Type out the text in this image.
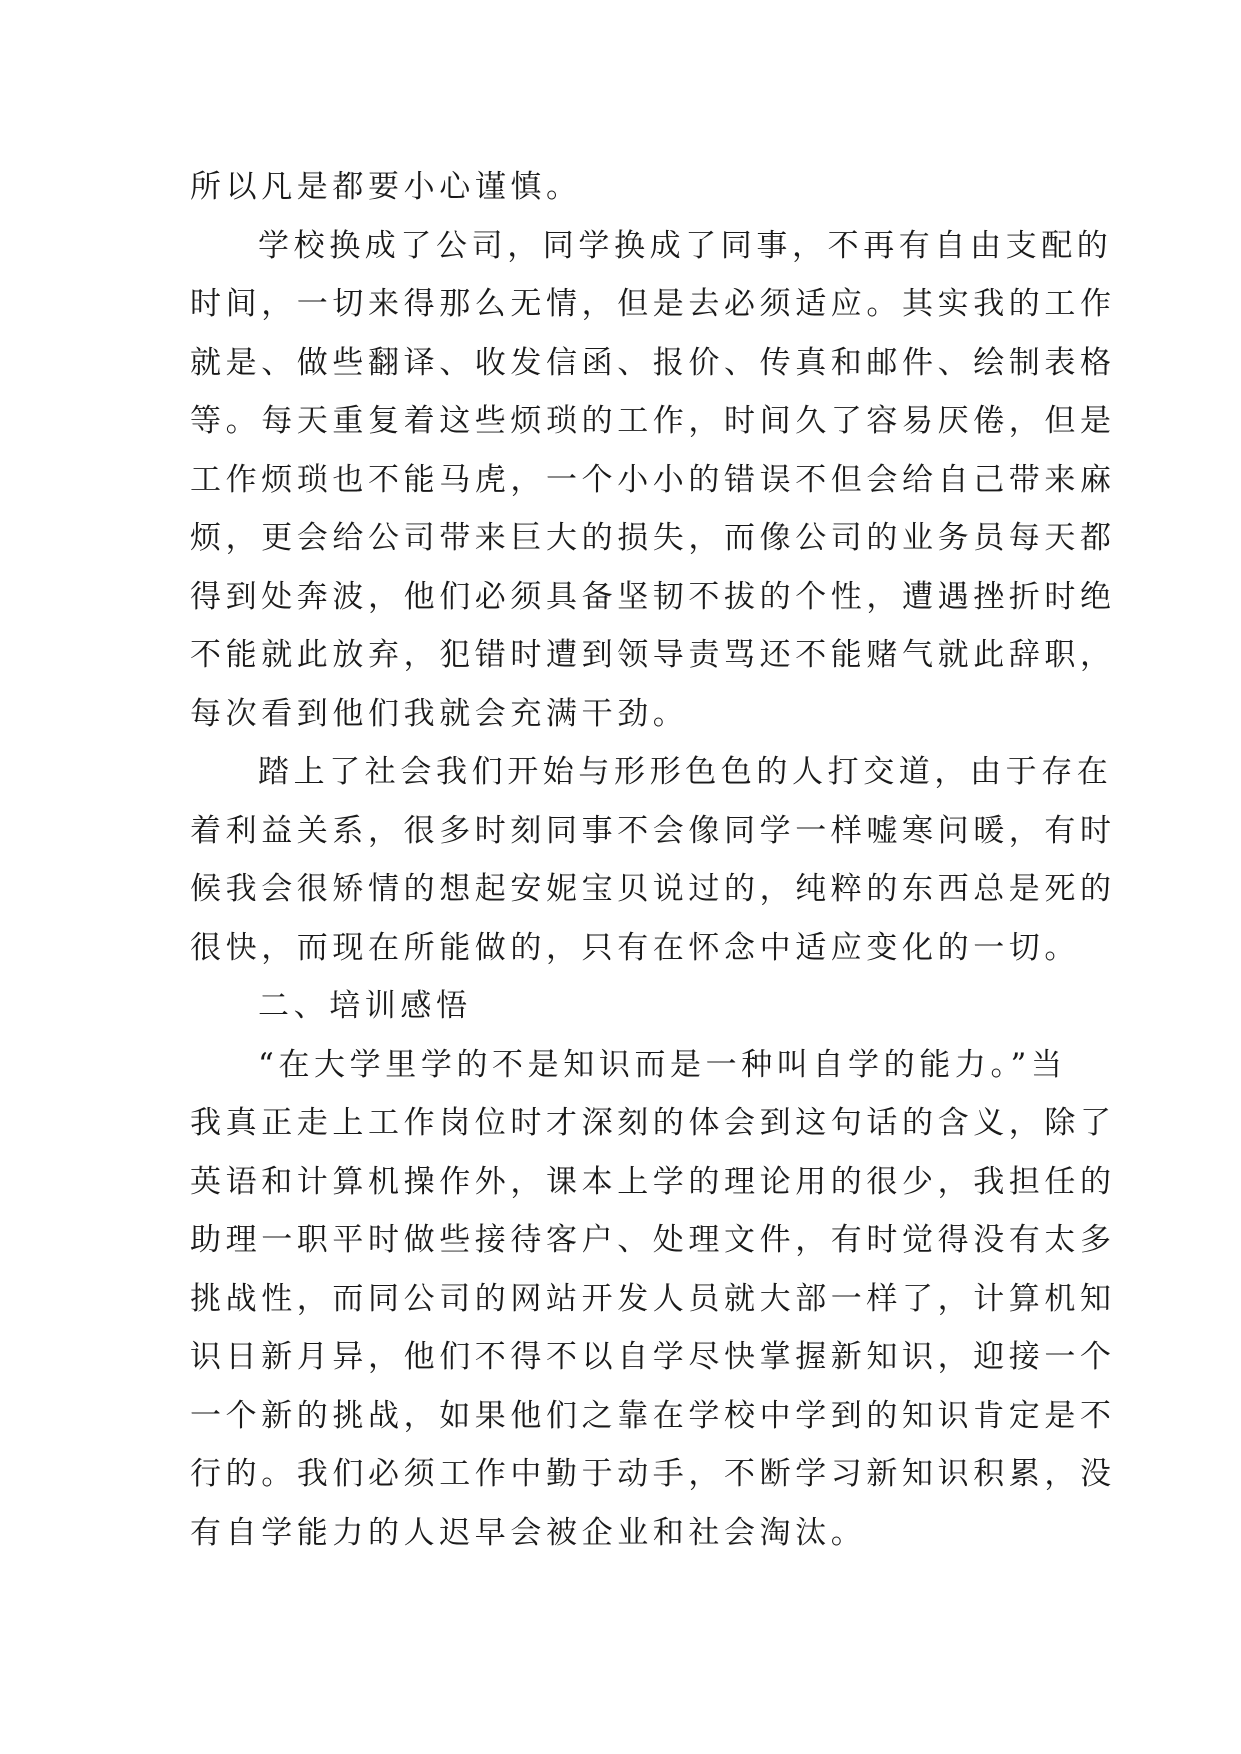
所以凡是都要小心谨慎。
学校换成了公司，同学换成了同事，不再有自由支配的
时间，一切来得那么无情，但是去必须适应。其实我的工作
就是、做些翻译、收发信函、报价、传真和邮件、绘制表格
等。每天重复着这些烦琐的工作，时间久了容易厌倦，但是
工作烦琐也不能马虎，一个小小的错误不但会给自己带来麻
烦，更会给公司带来巨大的损失，而像公司的业务员每天都
得到处奔波，他们必须具备坚韧不拔的个性，遭遇挫折时绝
不能就此放弃，犯错时遭到领导责骂还不能赌气就此辞职，
每次看到他们我就会充满干劲。
踏上了社会我们开始与形形色色的人打交道，由于存在
着利益关系，很多时刻同事不会像同学一样嘘寒问暖，有时
候我会很矫情的想起安妮宝贝说过的，纯粹的东西总是死的
很快，而现在所能做的，只有在怀念中适应变化的一切。
二、培训感悟
“在大学里学的不是知识而是一种叫自学的能力。”当
我真正走上工作岗位时才深刻的体会到这句话的含义，除了
英语和计算机操作外，课本上学的理论用的很少，我担任的
助理一职平时做些接待客户、处理文件，有时觉得没有太多
挑战性，而同公司的网站开发人员就大部一样了，计算机知
识日新月异，他们不得不以自学尽快掌握新知识，迎接一个
一个新的挑战，如果他们之靠在学校中学到的知识肯定是不
行的。我们必须工作中勤于动手，不断学习新知识积累，没
有自学能力的人迟早会被企业和社会淘汰。
